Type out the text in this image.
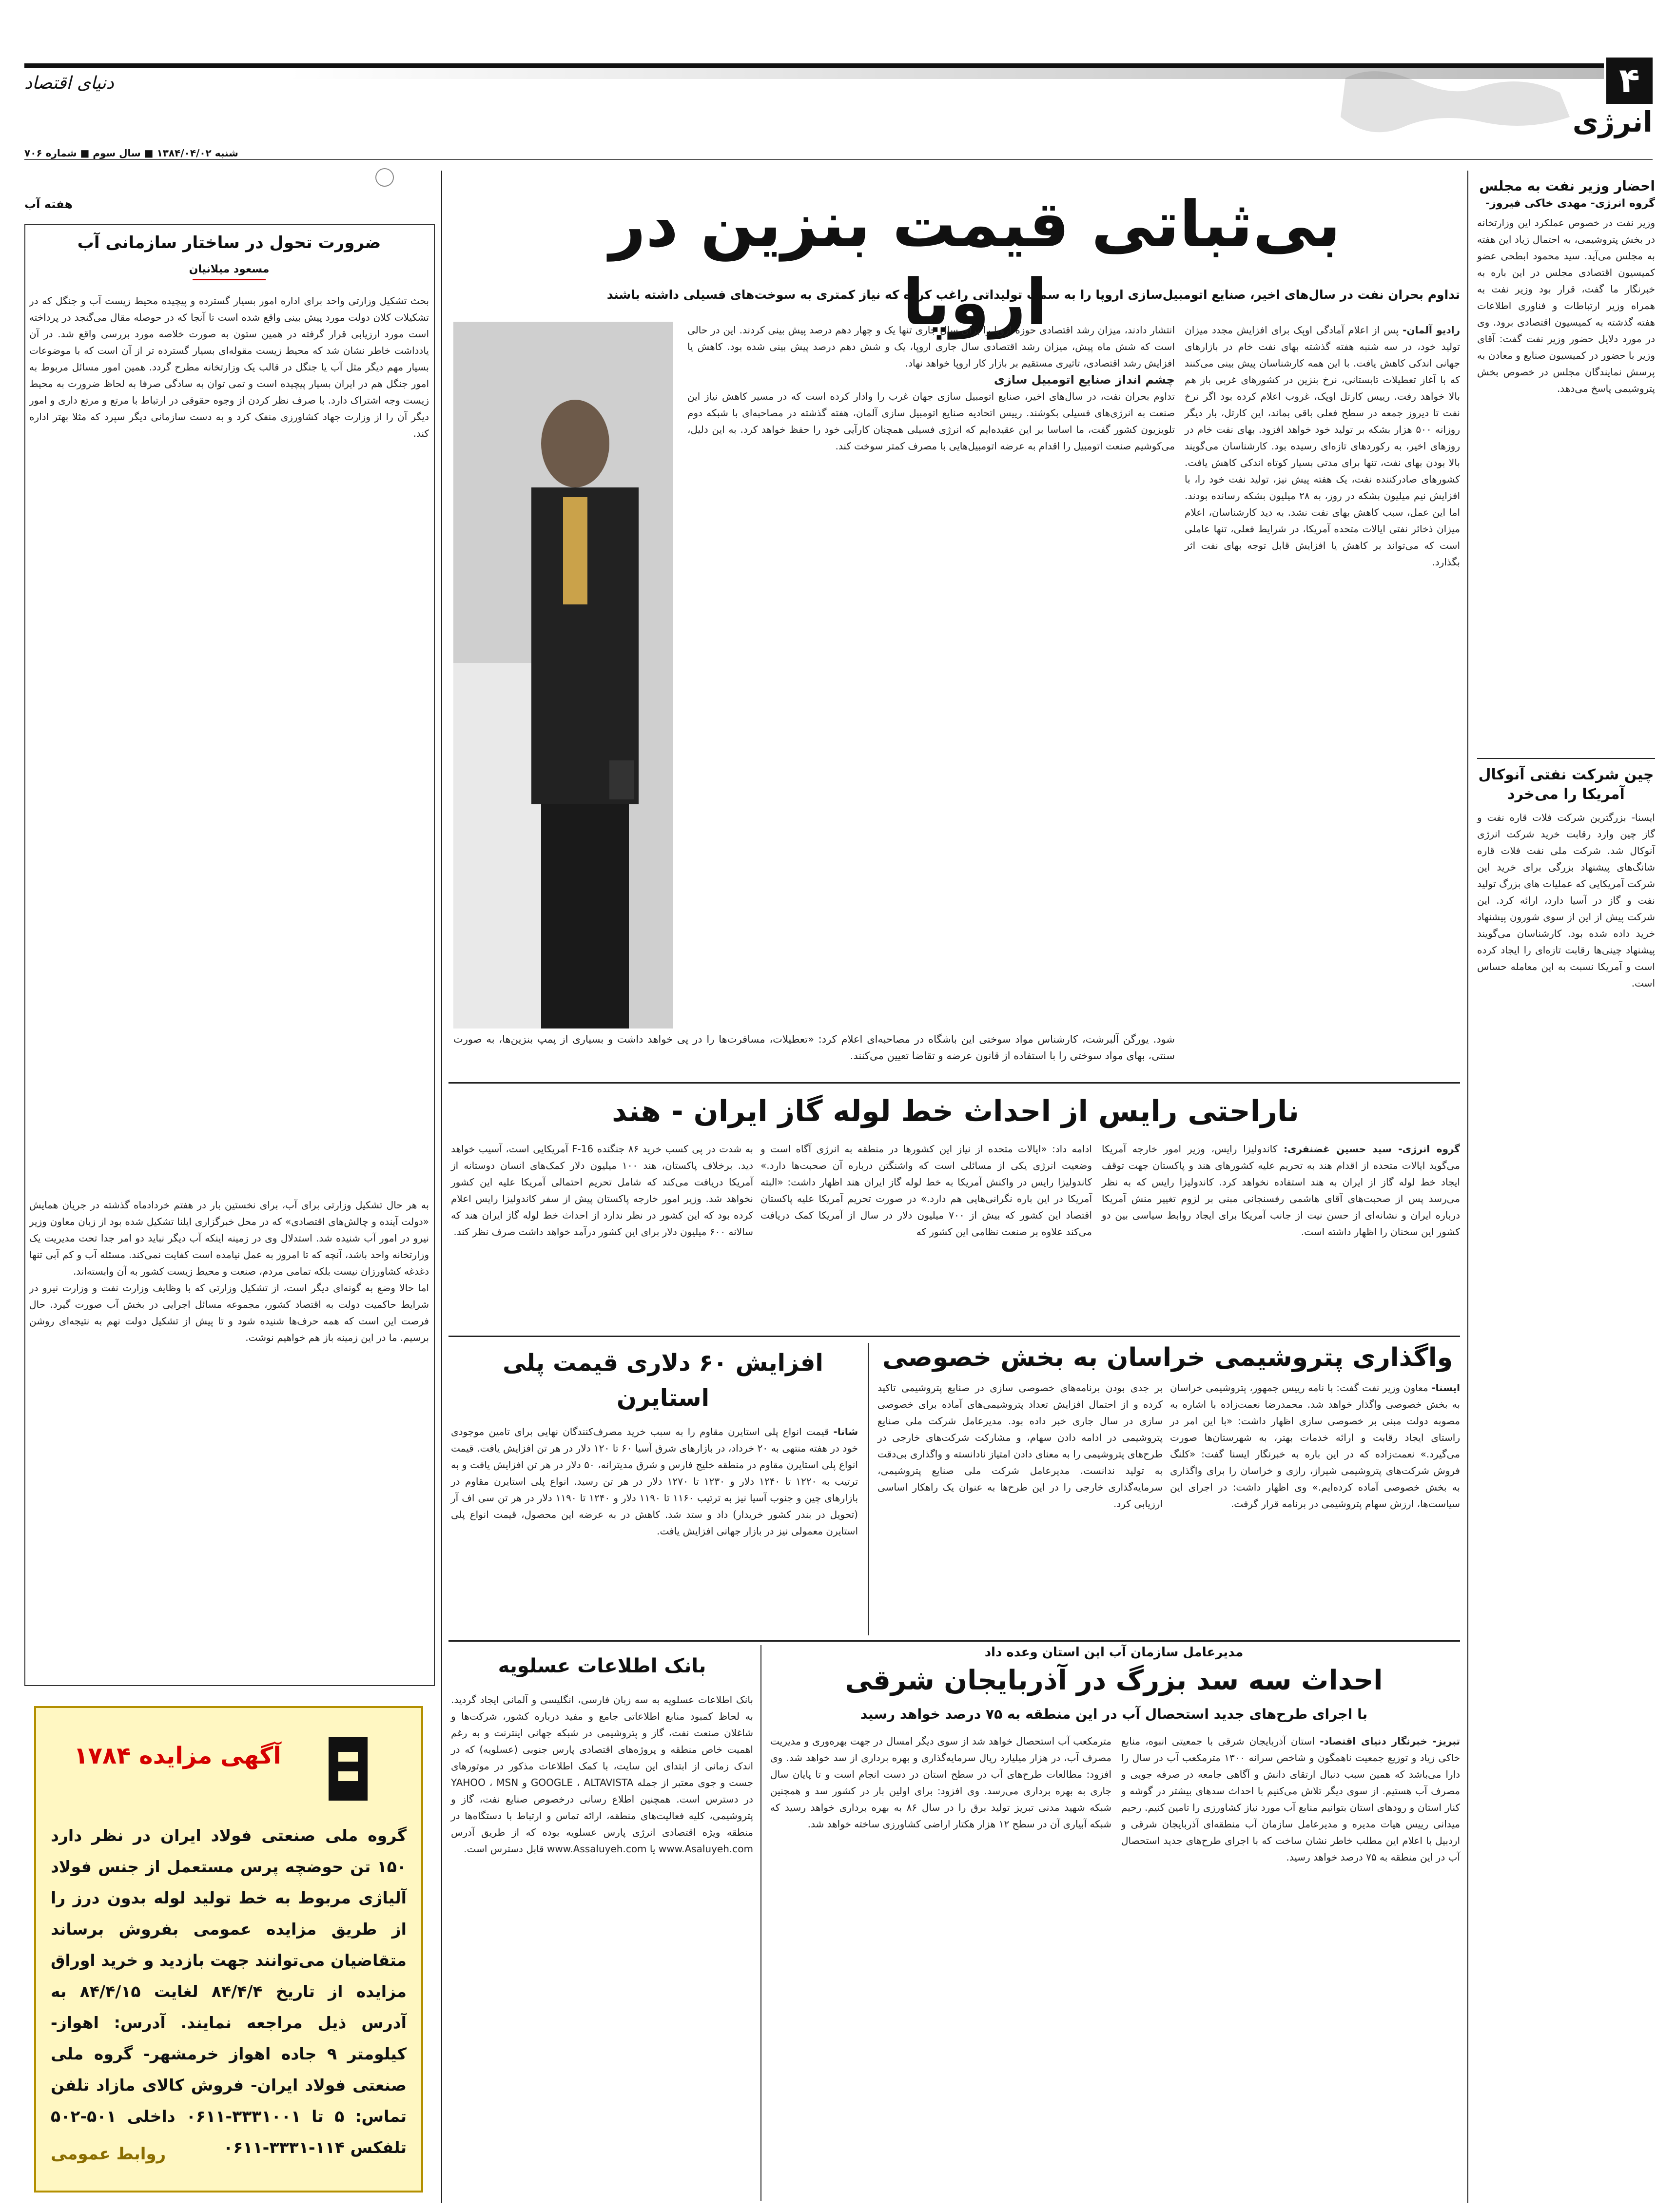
۴
دنیای اقتصاد
انرژی
شنبه ۱۳۸۴/۰۴/۰۲ ■ سال سوم ■ شماره ۷۰۶
احضار وزیر نفت به مجلس
گروه انرژی- مهدی خاکی فیروز-
وزیر نفت در خصوص عملکرد این وزارتخانه در بخش پتروشیمی، به احتمال زیاد این هفته به مجلس می‌آید. سید محمود ابطحی عضو کمیسیون اقتصادی مجلس در این باره به خبرنگار ما گفت، قرار بود وزیر نفت به همراه وزیر ارتباطات و فناوری اطلاعات هفته گذشته به کمیسیون اقتصادی برود. وی در مورد دلایل حضور وزیر نفت گفت: آقای وزیر با حضور در کمیسیون صنایع و معادن به پرسش نمایندگان مجلس در خصوص بخش پتروشیمی پاسخ می‌دهد.
چین شرکت نفتی آنوکال آمریکا را می‌خرد
ایسنا- بزرگترین شرکت فلات قاره نفت و گاز چین وارد رقابت خرید شرکت انرژی آنوکال شد. شرکت ملی نفت فلات قاره شانگ‌های پیشنهاد بزرگی برای خرید این شرکت آمریکایی که عملیات های بزرگ تولید نفت و گاز در آسیا دارد، ارائه کرد. این شرکت پیش از این از سوی شورون پیشنهاد خرید داده شده بود. کارشناسان می‌گویند پیشنهاد چینی‌ها رقابت تازه‌ای را ایجاد کرده است و آمریکا نسبت به این معامله حساس است.
بی‌ثباتی قیمت بنزین در اروپا
تداوم بحران نفت در سال‌های اخیر، صنایع اتومبیل‌سازی اروپا را به سمت تولیداتی راغب کرده که نیاز کمتری به سوخت‌های فسیلی داشته باشند
رادیو آلمان- پس از اعلام آمادگی اوپک برای افزایش مجدد میزان تولید خود، در سه شنبه هفته گذشته بهای نفت خام در بازارهای جهانی اندکی کاهش یافت. با این همه کارشناسان پیش بینی می‌کنند که با آغاز تعطیلات تابستانی، نرخ بنزین در کشورهای غربی باز هم بالا خواهد رفت. رییس کارتل اوپک، غروب اعلام کرده بود اگر نرخ نفت تا دیروز جمعه در سطح فعلی باقی بماند، این کارتل، بار دیگر روزانه ۵۰۰ هزار بشکه بر تولید خود خواهد افزود. بهای نفت خام در روزهای اخیر، به رکوردهای تازه‌ای رسیده بود. کارشناسان می‌گویند بالا بودن بهای نفت، تنها برای مدتی بسیار کوتاه اندکی کاهش یافت. کشورهای صادرکننده نفت، یک هفته پیش نیز، تولید نفت خود را، با افزایش نیم میلیون بشکه در روز، به ۲۸ میلیون بشکه رسانده بودند. اما این عمل، سبب کاهش بهای نفت نشد. به دید کارشناسان، اعلام میزان ذخائر نفتی ایالات متحده آمریکا، در شرایط فعلی، تنها عاملی است که می‌تواند بر کاهش یا افزایش قابل توجه بهای نفت اثر بگذارد.
انتشار دادند، میزان رشد اقتصادی حوزه اروپا را برای سال جاری تنها یک و چهار دهم درصد پیش بینی کردند. این در حالی است که شش ماه پیش، میزان رشد اقتصادی سال جاری اروپا، یک و شش دهم درصد پیش بینی شده بود. کاهش یا افزایش رشد اقتصادی، تاثیری مستقیم بر بازار کار اروپا خواهد نهاد.
چشم انداز صنایع اتومبیل سازی
تداوم بحران نفت، در سال‌های اخیر، صنایع اتومبیل سازی جهان غرب را وادار کرده است که در مسیر کاهش نیاز این صنعت به انرژی‌های فسیلی بکوشند. رییس اتحادیه صنایع اتومبیل سازی آلمان، هفته گذشته در مصاحبه‌ای با شبکه دوم تلویزیون کشور گفت، ما اساسا بر این عقیده‌ایم که انرژی فسیلی همچنان کارآیی خود را حفظ خواهد کرد. به این دلیل، می‌کوشیم صنعت اتومبیل را اقدام به عرضه اتومبیل‌هایی با مصرف کمتر سوخت کند.
شود. یورگن آلبرشت، کارشناس مواد سوختی این باشگاه در مصاحبه‌ای اعلام کرد: «تعطیلات، مسافرت‌ها را در پی خواهد داشت و بسیاری از پمپ بنزین‌ها، به صورت سنتی، بهای مواد سوختی را با استفاده از قانون عرضه و تقاضا تعیین می‌کنند.
ناراحتی رایس از احداث خط لوله گاز ایران - هند
گروه انرژی- سید حسین غضنفری: کاندولیزا رایس، وزیر امور خارجه آمریکا می‌گوید ایالات متحده از اقدام هند به تحریم علیه کشورهای هند و پاکستان جهت توقف ایجاد خط لوله گاز از ایران به هند استفاده نخواهد کرد. کاندولیزا رایس که به نظر می‌رسد پس از صحبت‌های آقای هاشمی رفسنجانی مبنی بر لزوم تغییر منش آمریکا درباره ایران و نشانه‌ای از حسن نیت از جانب آمریکا برای ایجاد روابط سیاسی بین دو کشور این سخنان را اظهار داشته است.
ادامه داد: «ایالات متحده از نیاز این کشورها در منطقه به انرژی آگاه است و وضعیت انرژی یکی از مسائلی است که واشنگتن درباره آن صحبت‌ها دارد.» کاندولیزا رایس در واکنش آمریکا به خط لوله گاز ایران هند اظهار داشت: «البته آمریکا در این باره نگرانی‌هایی هم دارد.» در صورت تحریم آمریکا علیه پاکستان اقتصاد این کشور که بیش از ۷۰۰ میلیون دلار در سال از آمریکا کمک دریافت می‌کند علاوه بر صنعت نظامی این کشور که
به شدت در پی کسب خرید ۸۶ جنگنده F-16 آمریکایی است، آسیب خواهد دید. برخلاف پاکستان، هند ۱۰۰ میلیون دلار کمک‌های انسان دوستانه از آمریکا دریافت می‌کند که شامل تحریم احتمالی آمریکا علیه این کشور نخواهد شد. وزیر امور خارجه پاکستان پیش از سفر کاندولیزا رایس اعلام کرده بود که این کشور در نظر ندارد از احداث خط لوله گاز ایران هند که سالانه ۶۰۰ میلیون دلار برای این کشور درآمد خواهد داشت صرف نظر کند.
واگذاری پتروشیمی خراسان به بخش خصوصی
ایسنا- معاون وزیر نفت گفت: با نامه رییس جمهور، پتروشیمی خراسان به بخش خصوصی واگذار خواهد شد. محمدرضا نعمت‌زاده با اشاره به مصوبه دولت مبنی بر خصوصی سازی اظهار داشت: «با این امر در راستای ایجاد رقابت و ارائه خدمات بهتر، به شهرستان‌ها صورت می‌گیرد.» نعمت‌زاده که در این باره به خبرنگار ایسنا گفت: «کلنگ فروش شرکت‌های پتروشیمی شیراز، رازی و خراسان را برای واگذاری به بخش خصوصی آماده کرده‌ایم.» وی اظهار داشت: در اجرای این سیاست‌ها، ارزش سهام پتروشیمی در برنامه قرار گرفت.
بر جدی بودن برنامه‌های خصوصی سازی در صنایع پتروشیمی تاکید کرده و از احتمال افزایش تعداد پتروشیمی‌های آماده برای خصوصی سازی در سال جاری خبر داده بود. مدیرعامل شرکت ملی صنایع پتروشیمی در ادامه دادن سهام، و مشارکت شرکت‌های خارجی در طرح‌های پتروشیمی را به معنای دادن امتیاز نادانسته و واگذاری بی‌دقت به تولید ندانست. مدیرعامل شرکت ملی صنایع پتروشیمی، سرمایه‌گذاری خارجی را در این طرح‌ها به عنوان یک راهکار اساسی ارزیابی کرد.
افزایش ۶۰ دلاری قیمت پلی استایرن
شانا- قیمت انواع پلی استایرن مقاوم را به سبب خرید مصرف‌کنندگان نهایی برای تامین موجودی خود در هفته منتهی به ۲۰ خرداد، در بازارهای شرق آسیا ۶۰ تا ۱۲۰ دلار در هر تن افزایش یافت. قیمت انواع پلی استایرن مقاوم در منطقه خلیج فارس و شرق مدیترانه، ۵۰ دلار در هر تن افزایش یافت و به ترتیب به ۱۲۲۰ تا ۱۲۴۰ دلار و ۱۲۳۰ تا ۱۲۷۰ دلار در هر تن رسید. انواع پلی استایرن مقاوم در بازارهای چین و جنوب آسیا نیز به ترتیب ۱۱۶۰ تا ۱۱۹۰ دلار و ۱۲۴۰ تا ۱۱۹۰ دلار در هر تن سی اف آر (تحویل در بندر کشور خریدار) داد و ستد شد. کاهش در به عرضه این محصول، قیمت انواع پلی استایرن معمولی نیز در بازار جهانی افزایش یافت.
مدیرعامل سازمان آب این استان وعده داد
احداث سه سد بزرگ در آذربایجان شرقی
با اجرای طرح‌های جدید استحصال آب در این منطقه به ۷۵ درصد خواهد رسید
تبریز- خبرنگار دنیای اقتصاد- استان آذربایجان شرقی با جمعیتی انبوه، منابع خاکی زیاد و توزیع جمعیت ناهمگون و شاخص سرانه ۱۳۰۰ مترمکعب آب در سال را دارا می‌باشد که همین سبب دنبال ارتقای دانش و آگاهی جامعه در صرفه جویی و مصرف آب هستیم. از سوی دیگر تلاش می‌کنیم با احداث سدهای بیشتر در گوشه و کنار استان و رودهای استان بتوانیم منابع آب مورد نیاز کشاورزی را تامین کنیم. رحیم میدانی رییس هیات مدیره و مدیرعامل سازمان آب منطقه‌ای آذربایجان شرقی و اردبیل با اعلام این مطلب خاطر نشان ساخت که با اجرای طرح‌های جدید استحصال آب در این منطقه به ۷۵ درصد خواهد رسید.
مترمکعب آب استحصال خواهد شد از سوی دیگر امسال در جهت بهره‌وری و مدیریت مصرف آب، در هزار میلیارد ریال سرمایه‌گذاری و بهره برداری از سد خواهد شد. وی افزود: مطالعات طرح‌های آب در سطح استان در دست انجام است و تا پایان سال جاری به بهره برداری می‌رسد. وی افزود: برای اولین بار در کشور سد و همچنین شبکه شهید مدنی تبریز تولید برق را در سال ۸۶ به بهره برداری خواهد رسید که شبکه آبیاری آن در سطح ۱۲ هزار هکتار اراضی کشاورزی ساخته خواهد شد.
بانک اطلاعات عسلویه
بانک اطلاعات عسلویه به سه زبان فارسی، انگلیسی و آلمانی ایجاد گردید. به لحاظ کمبود منابع اطلاعاتی جامع و مفید درباره کشور، شرکت‌ها و شاغلان صنعت نفت، گاز و پتروشیمی در شبکه جهانی اینترنت و به رغم اهمیت خاص منطقه و پروژه‌های اقتصادی پارس جنوبی (عسلویه) که در اندک زمانی از ابتدای این سایت، با کمک اطلاعات مذکور در موتورهای جست و جوی معتبر از جمله GOOGLE ، ALTAVISTA و YAHOO ، MSN در دسترس است. همچنین اطلاع رسانی درخصوص صنایع نفت، گاز و پتروشیمی، کلیه فعالیت‌های منطقه، ارائه تماس و ارتباط با دستگاه‌ها در منطقه ویژه اقتصادی انرژی پارس عسلویه بوده که از طریق آدرس www.Asaluyeh.com یا www.Assaluyeh.com قابل دسترس است.
هفته آب
ضرورت تحول در ساختار سازمانی آب
مسعود میلانیان
بحث تشکیل وزارتی واحد برای اداره امور بسیار گسترده و پیچیده محیط زیست آب و جنگل که در تشکیلات کلان دولت مورد پیش بینی واقع شده است تا آنجا که در حوصله مقال می‌گنجد در پرداخته‌ است مورد ارزیابی قرار گرفته در همین ستون به صورت خلاصه مورد بررسی واقع شد. در آن یادداشت خاطر نشان شد که محیط زیست مقوله‌ای بسیار گسترده تر از آن است که با موضوعات بسیار مهم دیگر مثل آب یا جنگل در قالب یک وزارتخانه مطرح گردد. همین امور مسائل مربوط به امور جنگل هم در ایران بسیار پیچیده است و تمی توان به سادگی صرفا به لحاظ ضرورت به محیط زیست وجه اشتراک دارد. با صرف نظر کردن از وجوه حقوقی در ارتباط با مرتع و مرتع داری و امور دیگر آن را از وزارت جهاد کشاورزی منفک کرد و به دست سازمانی دیگر سپرد که مثلا بهتر اداره کند.
به هر حال تشکیل وزارتی برای آب، برای نخستین بار در هفتم خردادماه گذشته در جریان همایش «دولت آینده و چالش‌های اقتصادی» که در محل خبرگزاری ایلنا تشکیل شده بود از زبان معاون وزیر نیرو در امور آب شنیده شد. استدلال وی در زمینه اینکه آب دیگر نباید دو امر جدا تحت مدیریت یک وزارتخانه واحد باشد، آنچه که تا امروز به عمل نیامده است کفایت نمی‌کند. مسئله آب و کم آبی تنها دغدغه کشاورزان نیست بلکه تمامی مردم، صنعت و محیط زیست کشور به آن وابسته‌اند.
اما حالا وضع به گونه‌ای دیگر است، از تشکیل وزارتی که با وظایف وزارت نفت و وزارت نیرو در شرایط حاکمیت دولت به اقتصاد کشور، مجموعه مسائل اجرایی در بخش آب صورت گیرد. حال فرصت این است که همه حرف‌ها شنیده شود و تا پیش از تشکیل دولت نهم به نتیجه‌ای روشن برسیم. ما در این زمینه باز هم خواهیم نوشت.
آگهی مزایده ۱۷۸۴
گروه ملی صنعتی فولاد ایران در نظر دارد ۱۵۰ تن حوضچه پرس مستعمل از جنس فولاد آلیاژی مربوط به خط تولید لوله بدون درز را از طریق مزایده عمومی بفروش برساند متقاضیان می‌توانند جهت بازدید و خرید اوراق مزایده از تاریخ ۸۴/۴/۴ لغایت ۸۴/۴/۱۵ به آدرس ذیل مراجعه نمایند. آدرس: اهواز- کیلومتر ۹ جاده اهواز خرمشهر- گروه ملی صنعتی فولاد ایران- فروش کالای مازاد تلفن تماس: ۵ تا ۳۳۳۱۰۰۱-۰۶۱۱ داخلی ۵۰۱-۵۰۲ تلفکس ۱۱۴-۳۳۳۱-۰۶۱۱
روابط عمومی
